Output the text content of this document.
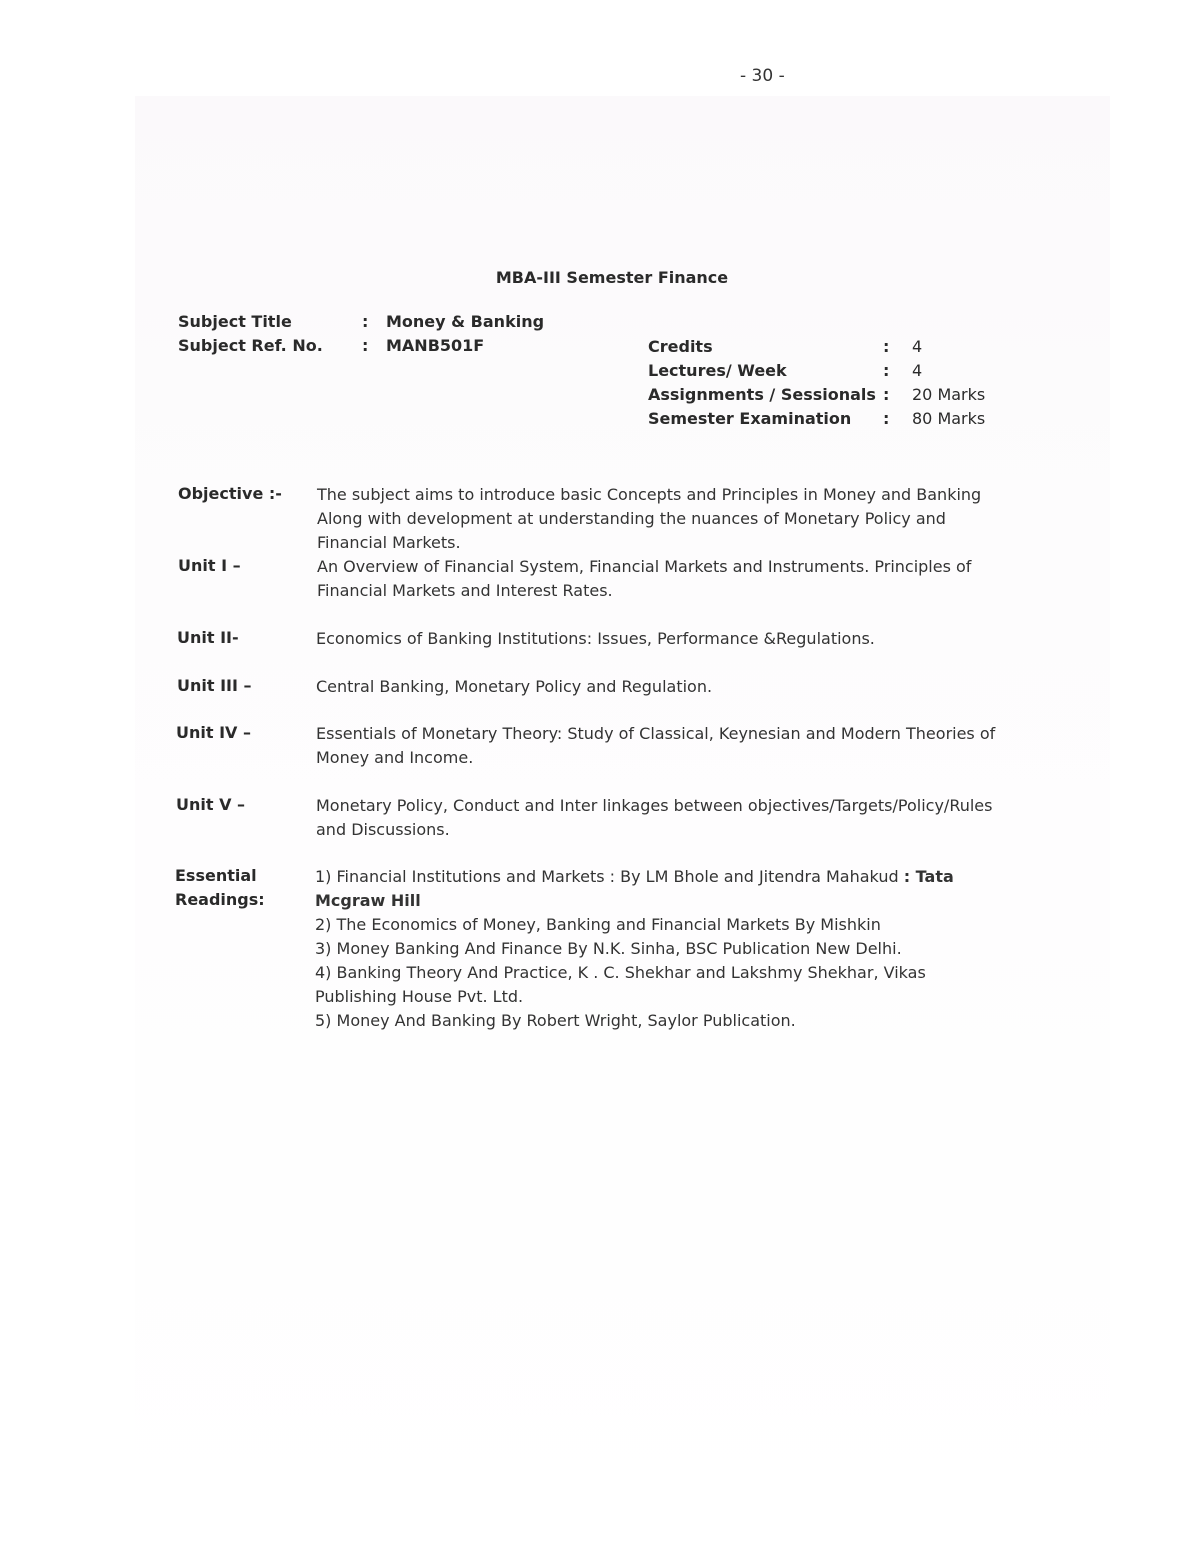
- 30 -
MBA-III Semester Finance
Subject Title	: Money & Banking
Subject Ref. No. : MANB501F	Credits	: 4
Lectures/ Week	: 4
Assignments / Sessionals : 20 Marks
Semester Examination : 80 Marks
Objective :- The subject aims to introduce basic Concepts and Principles in Money and Banking Along with development at understanding the nuances of Monetary Policy and Financial Markets.
Unit I –	An Overview of Financial System, Financial Markets and Instruments. Principles of Financial Markets and Interest Rates.
Unit II-	Economics of Banking Institutions: Issues, Performance &Regulations.
Unit III –	Central Banking, Monetary Policy and Regulation.
Unit IV –	Essentials of Monetary Theory: Study of Classical, Keynesian and Modern Theories of Money and Income.
Unit V –	Monetary Policy, Conduct and Inter linkages between objectives/Targets/Policy/Rules and Discussions.
Essential
Readings:
1) Financial Institutions and Markets : By LM Bhole and Jitendra Mahakud : Tata Mcgraw Hill
2) The Economics of Money, Banking and Financial Markets By Mishkin
3) Money Banking And Finance By N.K. Sinha, BSC Publication New Delhi.
4) Banking Theory And Practice, K . C. Shekhar and Lakshmy Shekhar, Vikas Publishing House Pvt. Ltd.
5) Money And Banking By Robert Wright, Saylor Publication.
